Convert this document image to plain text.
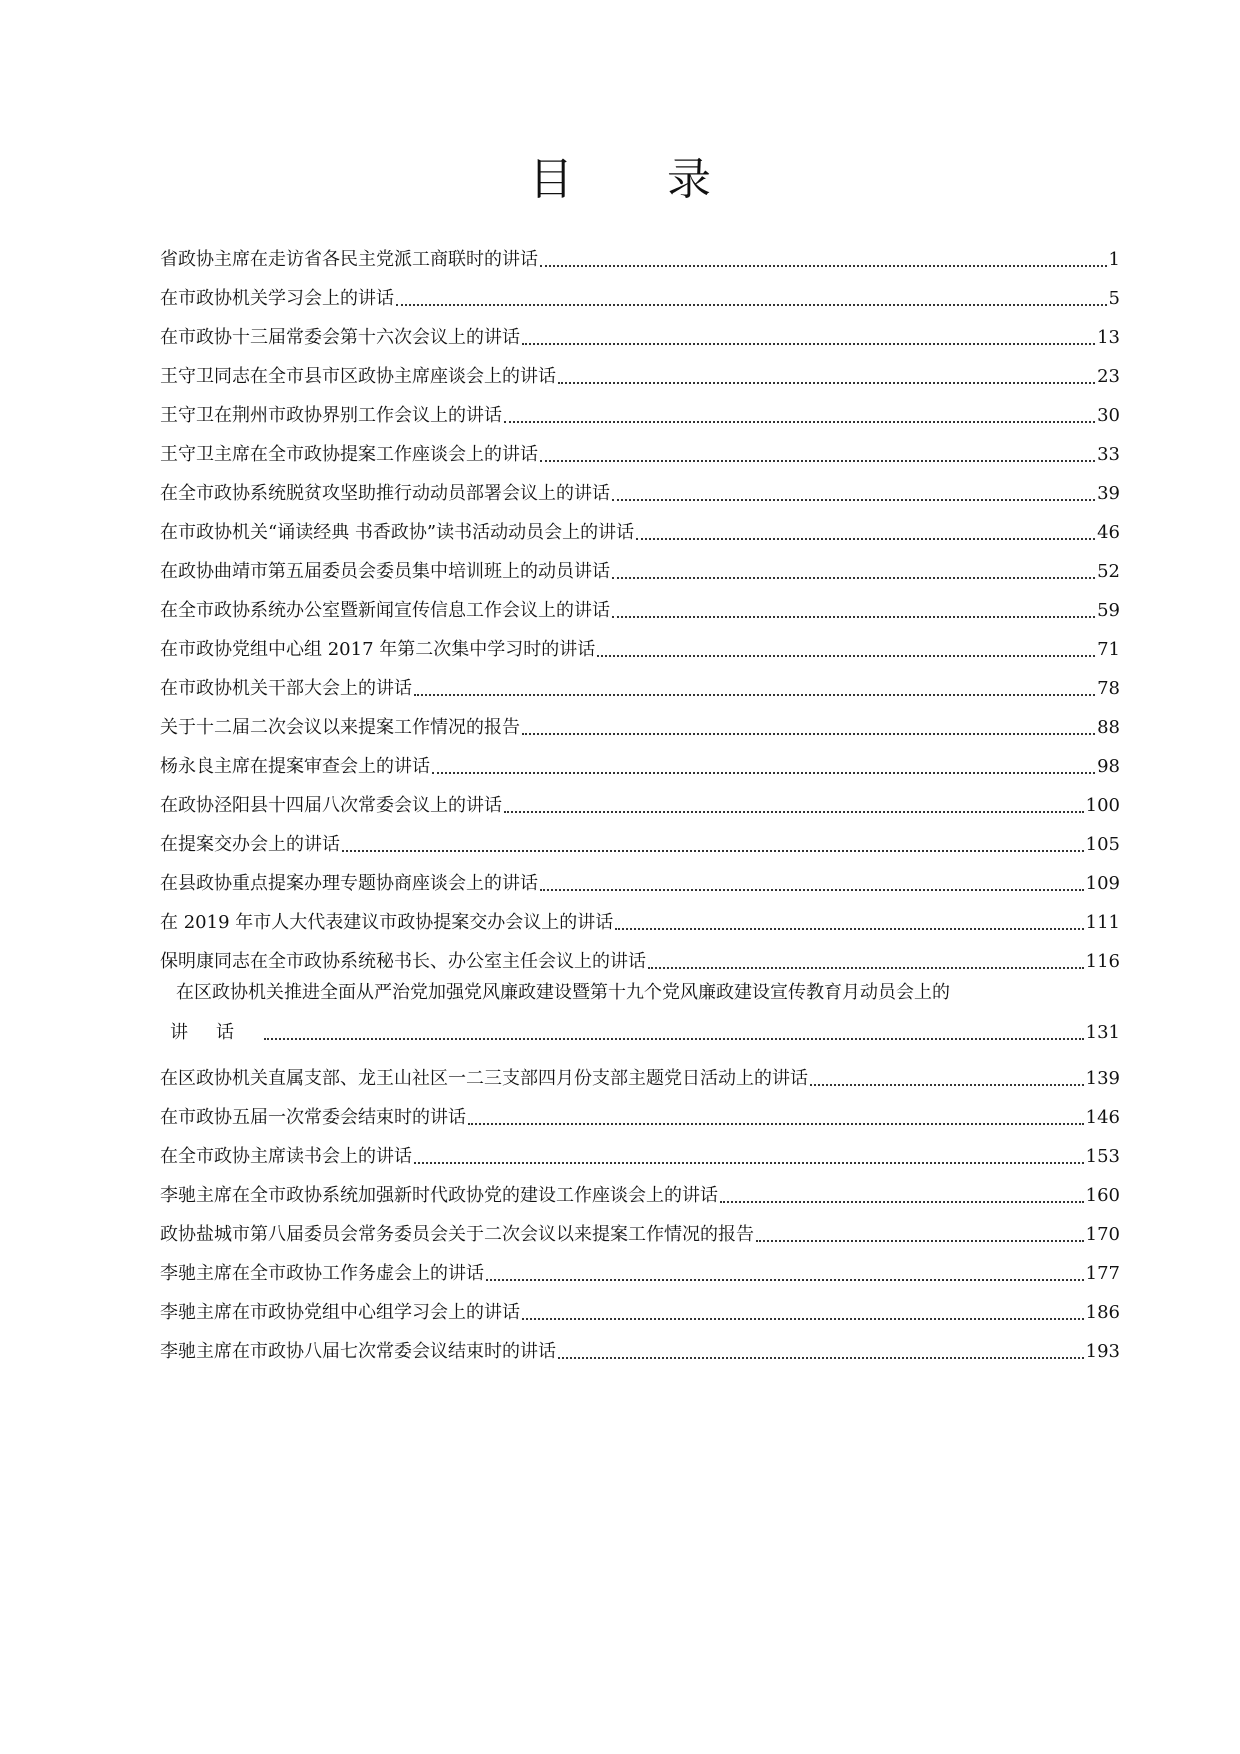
目 录
省政协主席在走访省各民主党派工商联时的讲话	1
在市政协机关学习会上的讲话	5
在市政协十三届常委会第十六次会议上的讲话	13
王守卫同志在全市县市区政协主席座谈会上的讲话	23
王守卫在荆州市政协界别工作会议上的讲话	30
王守卫主席在全市政协提案工作座谈会上的讲话	33
在全市政协系统脱贫攻坚助推行动动员部署会议上的讲话	39
在市政协机关“诵读经典 书香政协”读书活动动员会上的讲话	46
在政协曲靖市第五届委员会委员集中培训班上的动员讲话	52
在全市政协系统办公室暨新闻宣传信息工作会议上的讲话	59
在市政协党组中心组 2017 年第二次集中学习时的讲话	71
在市政协机关干部大会上的讲话	78
关于十二届二次会议以来提案工作情况的报告	88
杨永良主席在提案审查会上的讲话	98
在政协泾阳县十四届八次常委会议上的讲话	100
在提案交办会上的讲话	105
在县政协重点提案办理专题协商座谈会上的讲话	109
在 2019 年市人大代表建议市政协提案交办会议上的讲话	111
保明康同志在全市政协系统秘书长、办公室主任会议上的讲话	116
在区政协机关推进全面从严治党加强党风廉政建设暨第十九个党风廉政建设宣传教育月动员会上的
讲话	131
在区政协机关直属支部、龙王山社区一二三支部四月份支部主题党日活动上的讲话	139
在市政协五届一次常委会结束时的讲话	146
在全市政协主席读书会上的讲话	153
李驰主席在全市政协系统加强新时代政协党的建设工作座谈会上的讲话	160
政协盐城市第八届委员会常务委员会关于二次会议以来提案工作情况的报告	170
李驰主席在全市政协工作务虚会上的讲话	177
李驰主席在市政协党组中心组学习会上的讲话	186
李驰主席在市政协八届七次常委会议结束时的讲话	193
